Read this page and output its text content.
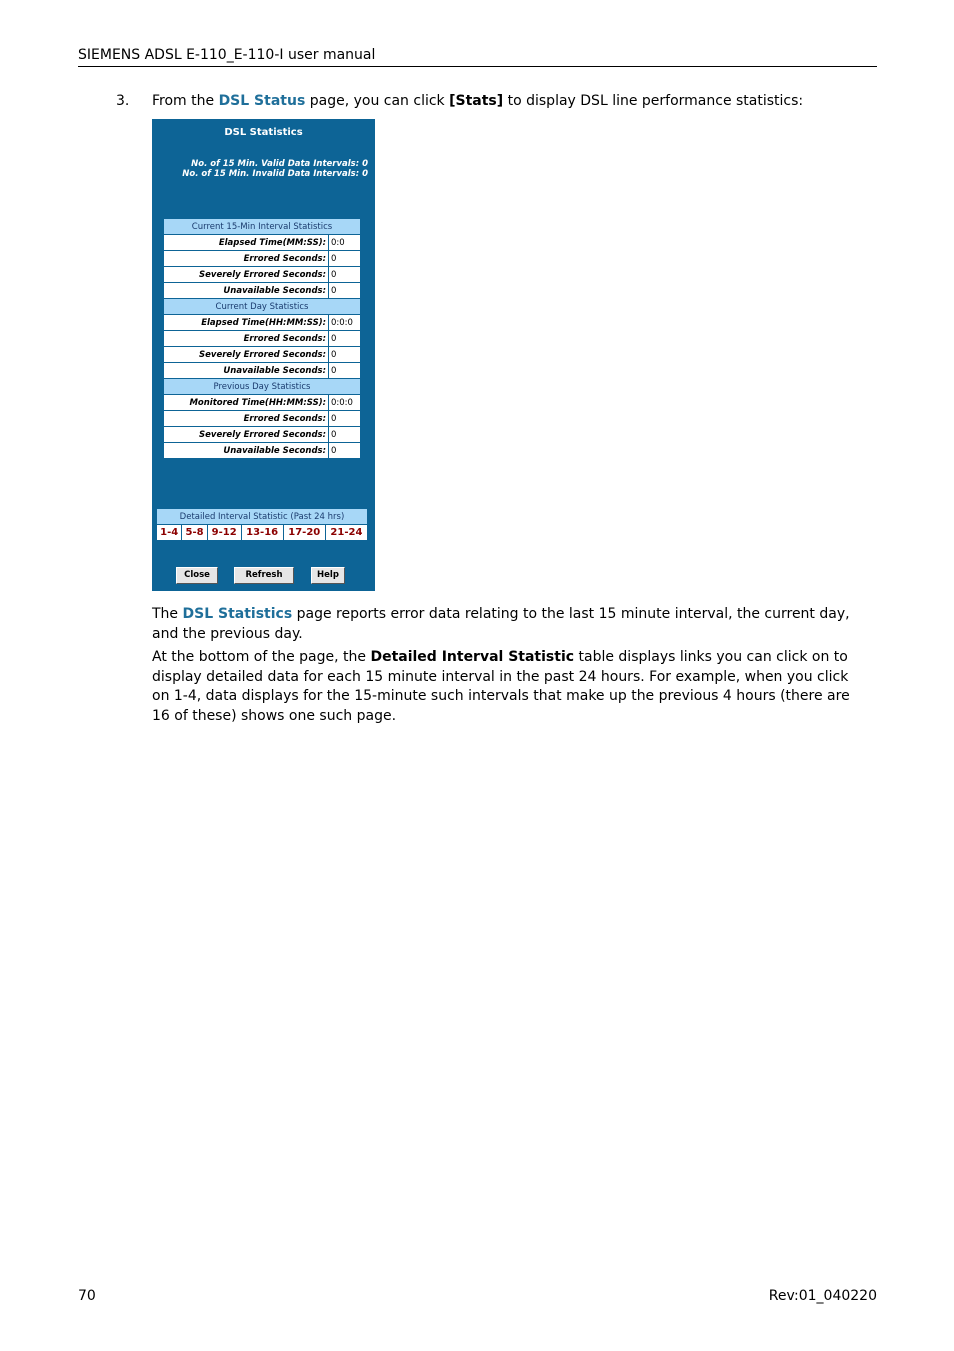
SIEMENS ADSL E-110_E-110-I user manual
3. From the DSL Status page, you can click [Stats] to display DSL line performance statistics:
DSL Statistics
No. of 15 Min. Valid Data Intervals: 0
No. of 15 Min. Invalid Data Intervals: 0
Current 15-Min Interval Statistics	
Elapsed Time(MM:SS):	0:0
Errored Seconds:	0
Severely Errored Seconds:	0
Unavailable Seconds:	0
Current Day Statistics	
Elapsed Time(HH:MM:SS):	0:0:0
Errored Seconds:	0
Severely Errored Seconds:	0
Unavailable Seconds:	0
Previous Day Statistics	
Monitored Time(HH:MM:SS):	0:0:0
Errored Seconds:	0
Severely Errored Seconds:	0
Unavailable Seconds:	0
Detailed Interval Statistic (Past 24 hrs)
1-4	5-8	9-12	13-16	17-20	21-24
Close	Refresh	Help
The DSL Statistics page reports error data relating to the last 15 minute interval, the current day, and the previous day.
At the bottom of the page, the Detailed Interval Statistic table displays links you can click on to display detailed data for each 15 minute interval in the past 24 hours. For example, when you click on 1-4, data displays for the 15-minute such intervals that make up the previous 4 hours (there are 16 of these) shows one such page.
70	Rev:01_040220
